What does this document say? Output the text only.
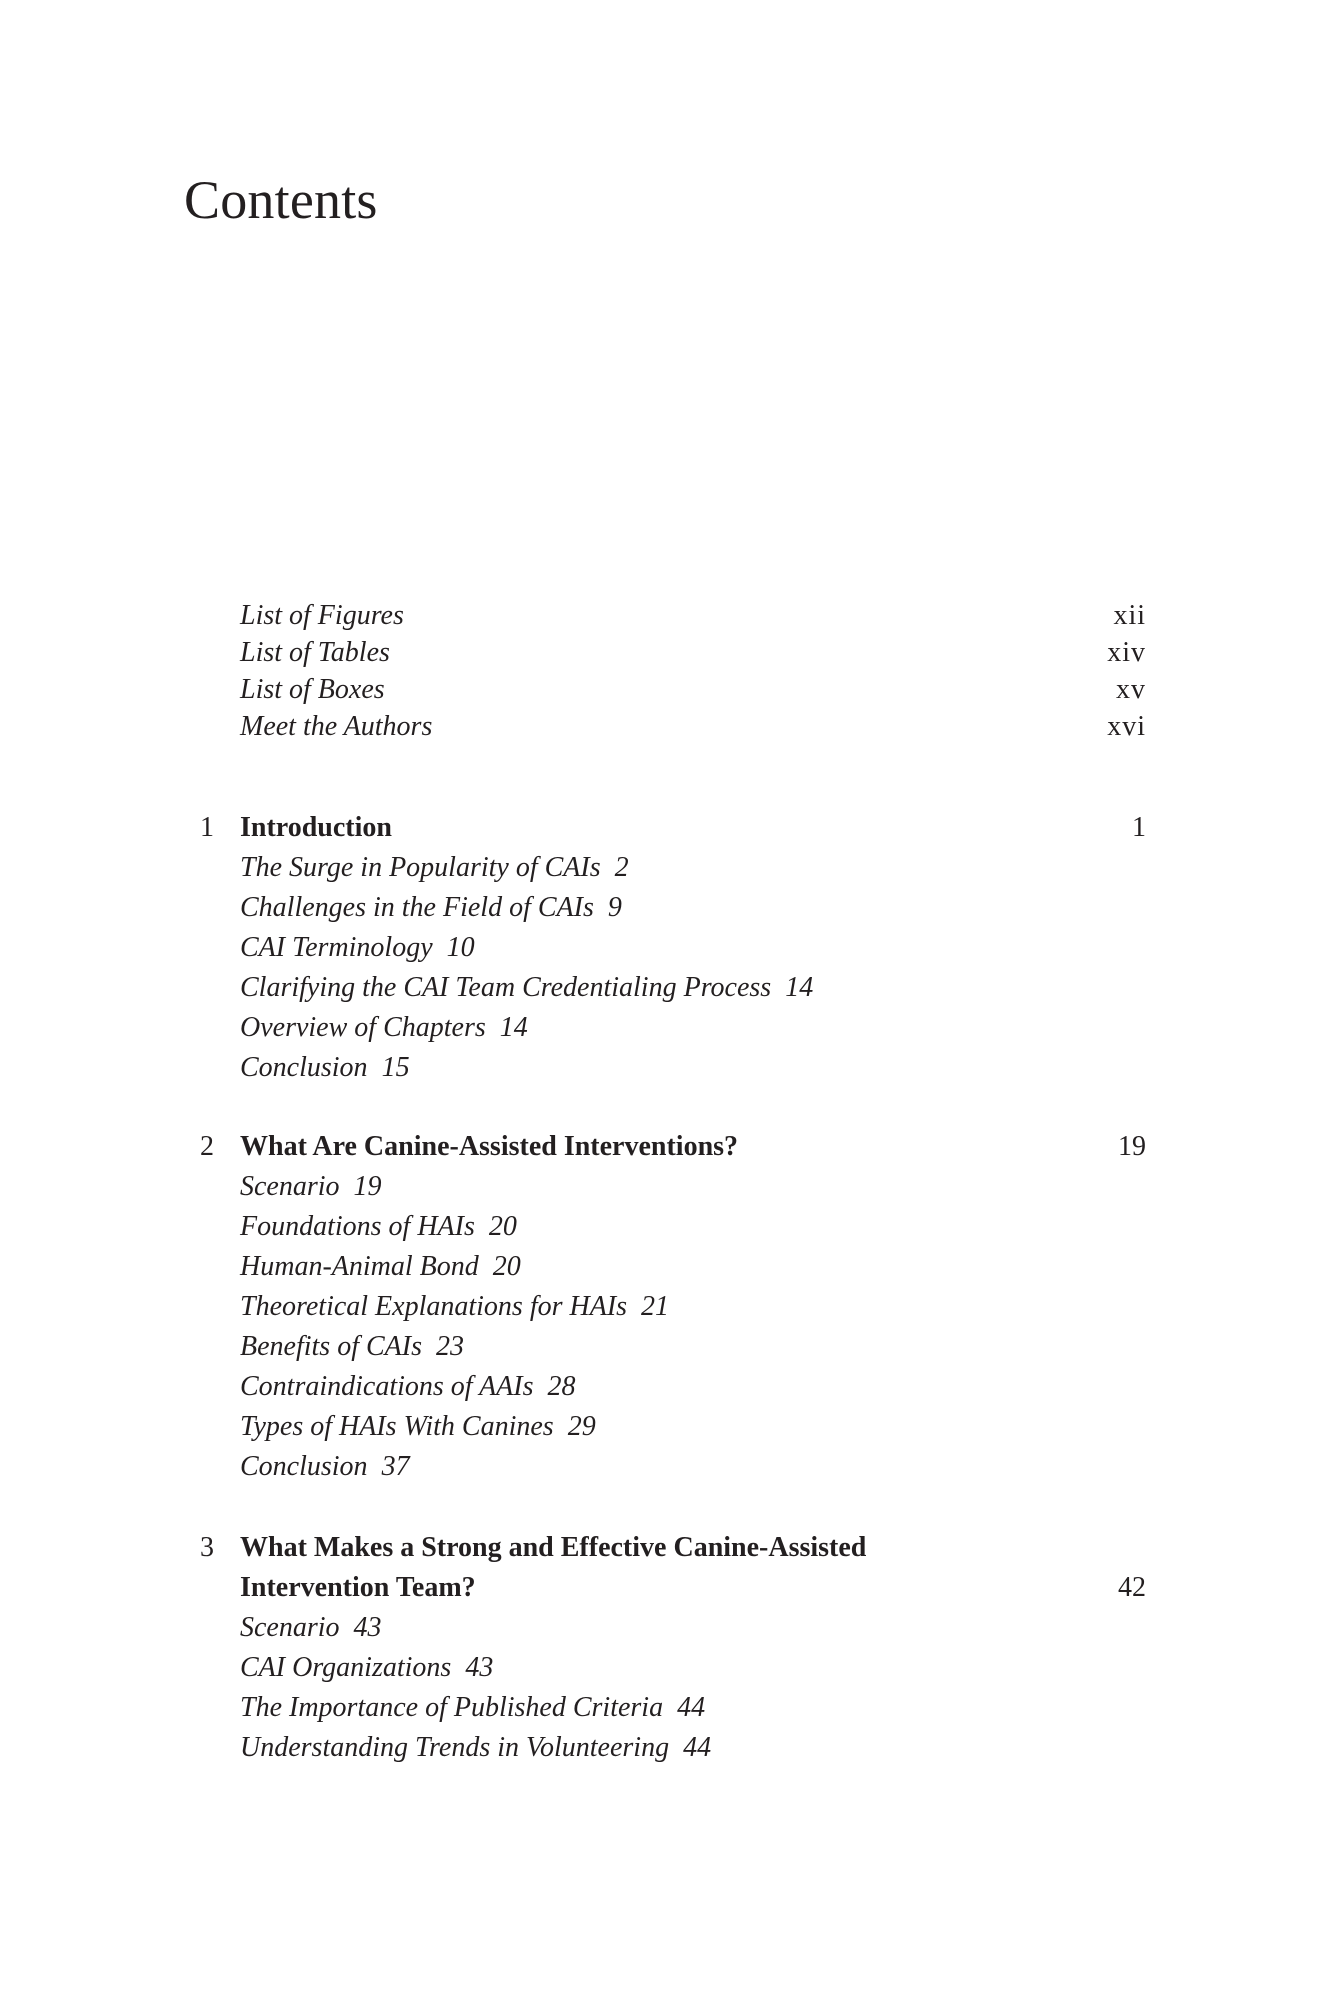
Contents
List of Figures	xii
List of Tables	xiv
List of Boxes	xv
Meet the Authors	xvi
1 Introduction	1
The Surge in Popularity of CAIs 2
Challenges in the Field of CAIs 9
CAI Terminology 10
Clarifying the CAI Team Credentialing Process 14
Overview of Chapters 14
Conclusion 15
2 What Are Canine-Assisted Interventions?	19
Scenario 19
Foundations of HAIs 20
Human-Animal Bond 20
Theoretical Explanations for HAIs 21
Benefits of CAIs 23
Contraindications of AAIs 28
Types of HAIs With Canines 29
Conclusion 37
3 What Makes a Strong and Effective Canine-Assisted Intervention Team?	42
Scenario 43
CAI Organizations 43
The Importance of Published Criteria 44
Understanding Trends in Volunteering 44
